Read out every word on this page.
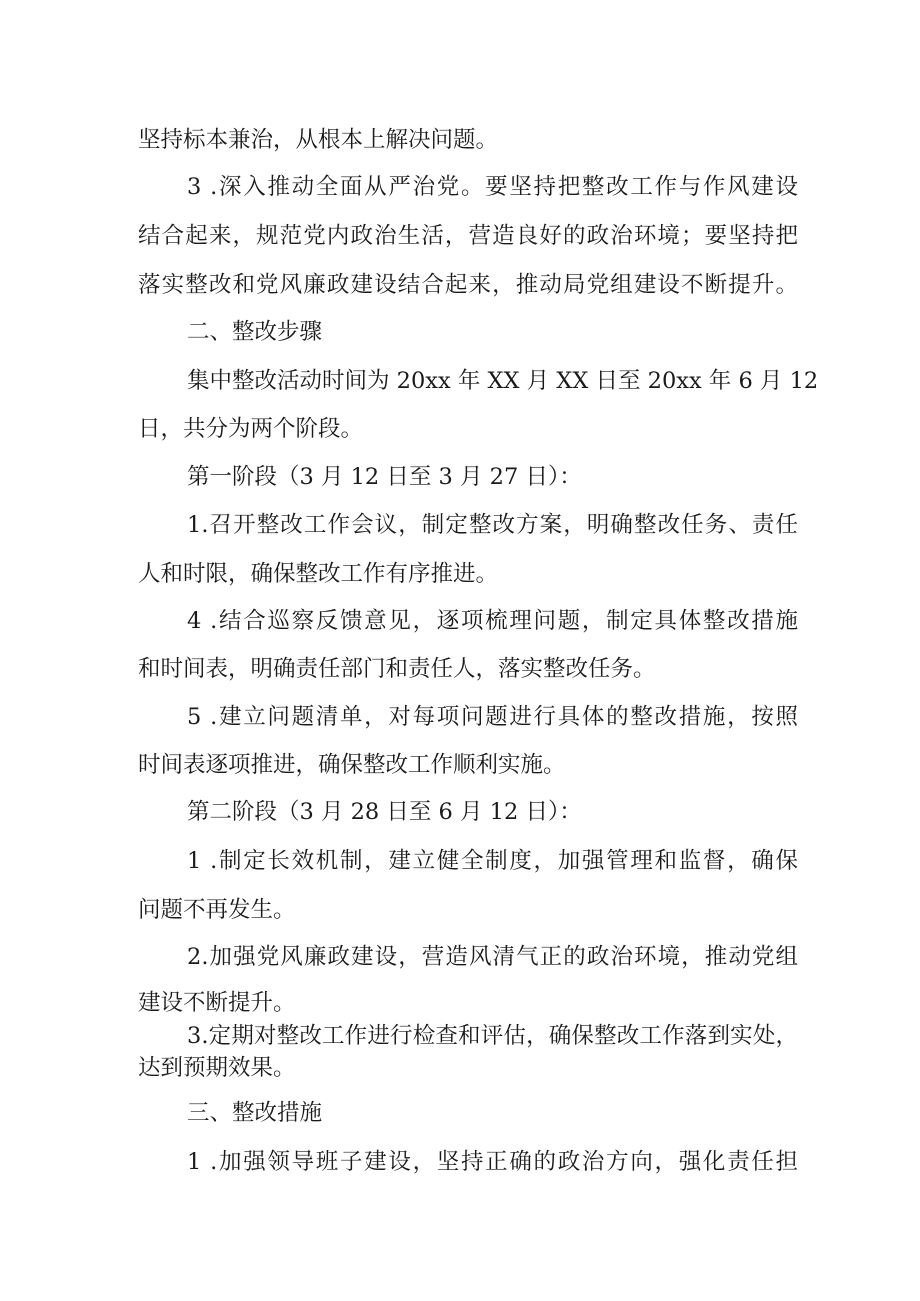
坚持标本兼治，从根本上解决问题。
3 .深入推动全面从严治党。要坚持把整改工作与作风建设
结合起来，规范党内政治生活，营造良好的政治环境；要坚持把
落实整改和党风廉政建设结合起来，推动局党组建设不断提升。
二、整改步骤
集中整改活动时间为 20xx 年 XX 月 XX 日至 20xx 年 6 月 12
日，共分为两个阶段。
第一阶段（3 月 12 日至 3 月 27 日）：
1.召开整改工作会议，制定整改方案，明确整改任务、责任
人和时限，确保整改工作有序推进。
4 .结合巡察反馈意见，逐项梳理问题，制定具体整改措施
和时间表，明确责任部门和责任人，落实整改任务。
5 .建立问题清单，对每项问题进行具体的整改措施，按照
时间表逐项推进，确保整改工作顺利实施。
第二阶段（3 月 28 日至 6 月 12 日）：
1 .制定长效机制，建立健全制度，加强管理和监督，确保
问题不再发生。
2.加强党风廉政建设，营造风清气正的政治环境，推动党组
建设不断提升。
3.定期对整改工作进行检查和评估，确保整改工作落到实处，
达到预期效果。
三、整改措施
1 .加强领导班子建设，坚持正确的政治方向，强化责任担
